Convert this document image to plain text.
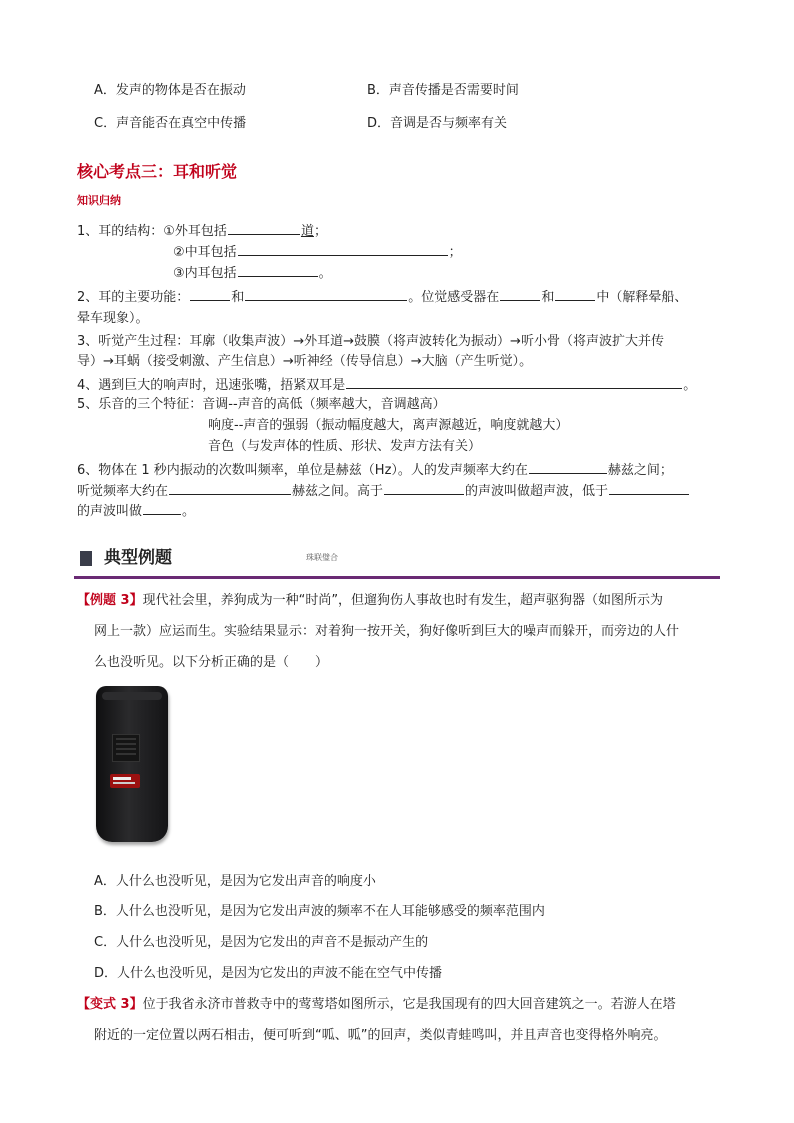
A．发声的物体是否在振动	B．声音传播是否需要时间
C．声音能否在真空中传播	D．音调是否与频率有关
核心考点三：耳和听觉
知识归纳
1、耳的结构：①外耳包括	道；
②中耳包括	；
③内耳包括	。
2、耳的主要功能：	和	。位觉感受器在	和	中（解释晕船、
晕车现象）。
3、听觉产生过程：耳廓（收集声波）→外耳道→鼓膜（将声波转化为振动）→听小骨（将声波扩大并传
导）→耳蜗（接受刺激、产生信息）→听神经（传导信息）→大脑（产生听觉）。
4、遇到巨大的响声时，迅速张嘴，捂紧双耳是	。
5、乐音的三个特征：音调--声音的高低（频率越大，音调越高）
响度--声音的强弱（振动幅度越大，离声源越近，响度就越大）
音色（与发声体的性质、形状、发声方法有关）
6、物体在 1 秒内振动的次数叫频率，单位是赫兹（Hz）。人的发声频率大约在	赫兹之间；
听觉频率大约在	赫兹之间。高于	的声波叫做超声波，低于
的声波叫做	。
典型例题	珠联璧合
【例题 3】现代社会里，养狗成为一种“时尚”，但遛狗伤人事故也时有发生，超声驱狗器（如图所示为
网上一款）应运而生。实验结果显示：对着狗一按开关，狗好像听到巨大的噪声而躲开，而旁边的人什
么也没听见。以下分析正确的是（　　）
A．人什么也没听见，是因为它发出声音的响度小
B．人什么也没听见，是因为它发出声波的频率不在人耳能够感受的频率范围内
C．人什么也没听见，是因为它发出的声音不是振动产生的
D．人什么也没听见，是因为它发出的声波不能在空气中传播
【变式 3】位于我省永济市普救寺中的莺莺塔如图所示，它是我国现有的四大回音建筑之一。若游人在塔
附近的一定位置以两石相击，便可听到“呱、呱”的回声，类似青蛙鸣叫，并且声音也变得格外响亮。
